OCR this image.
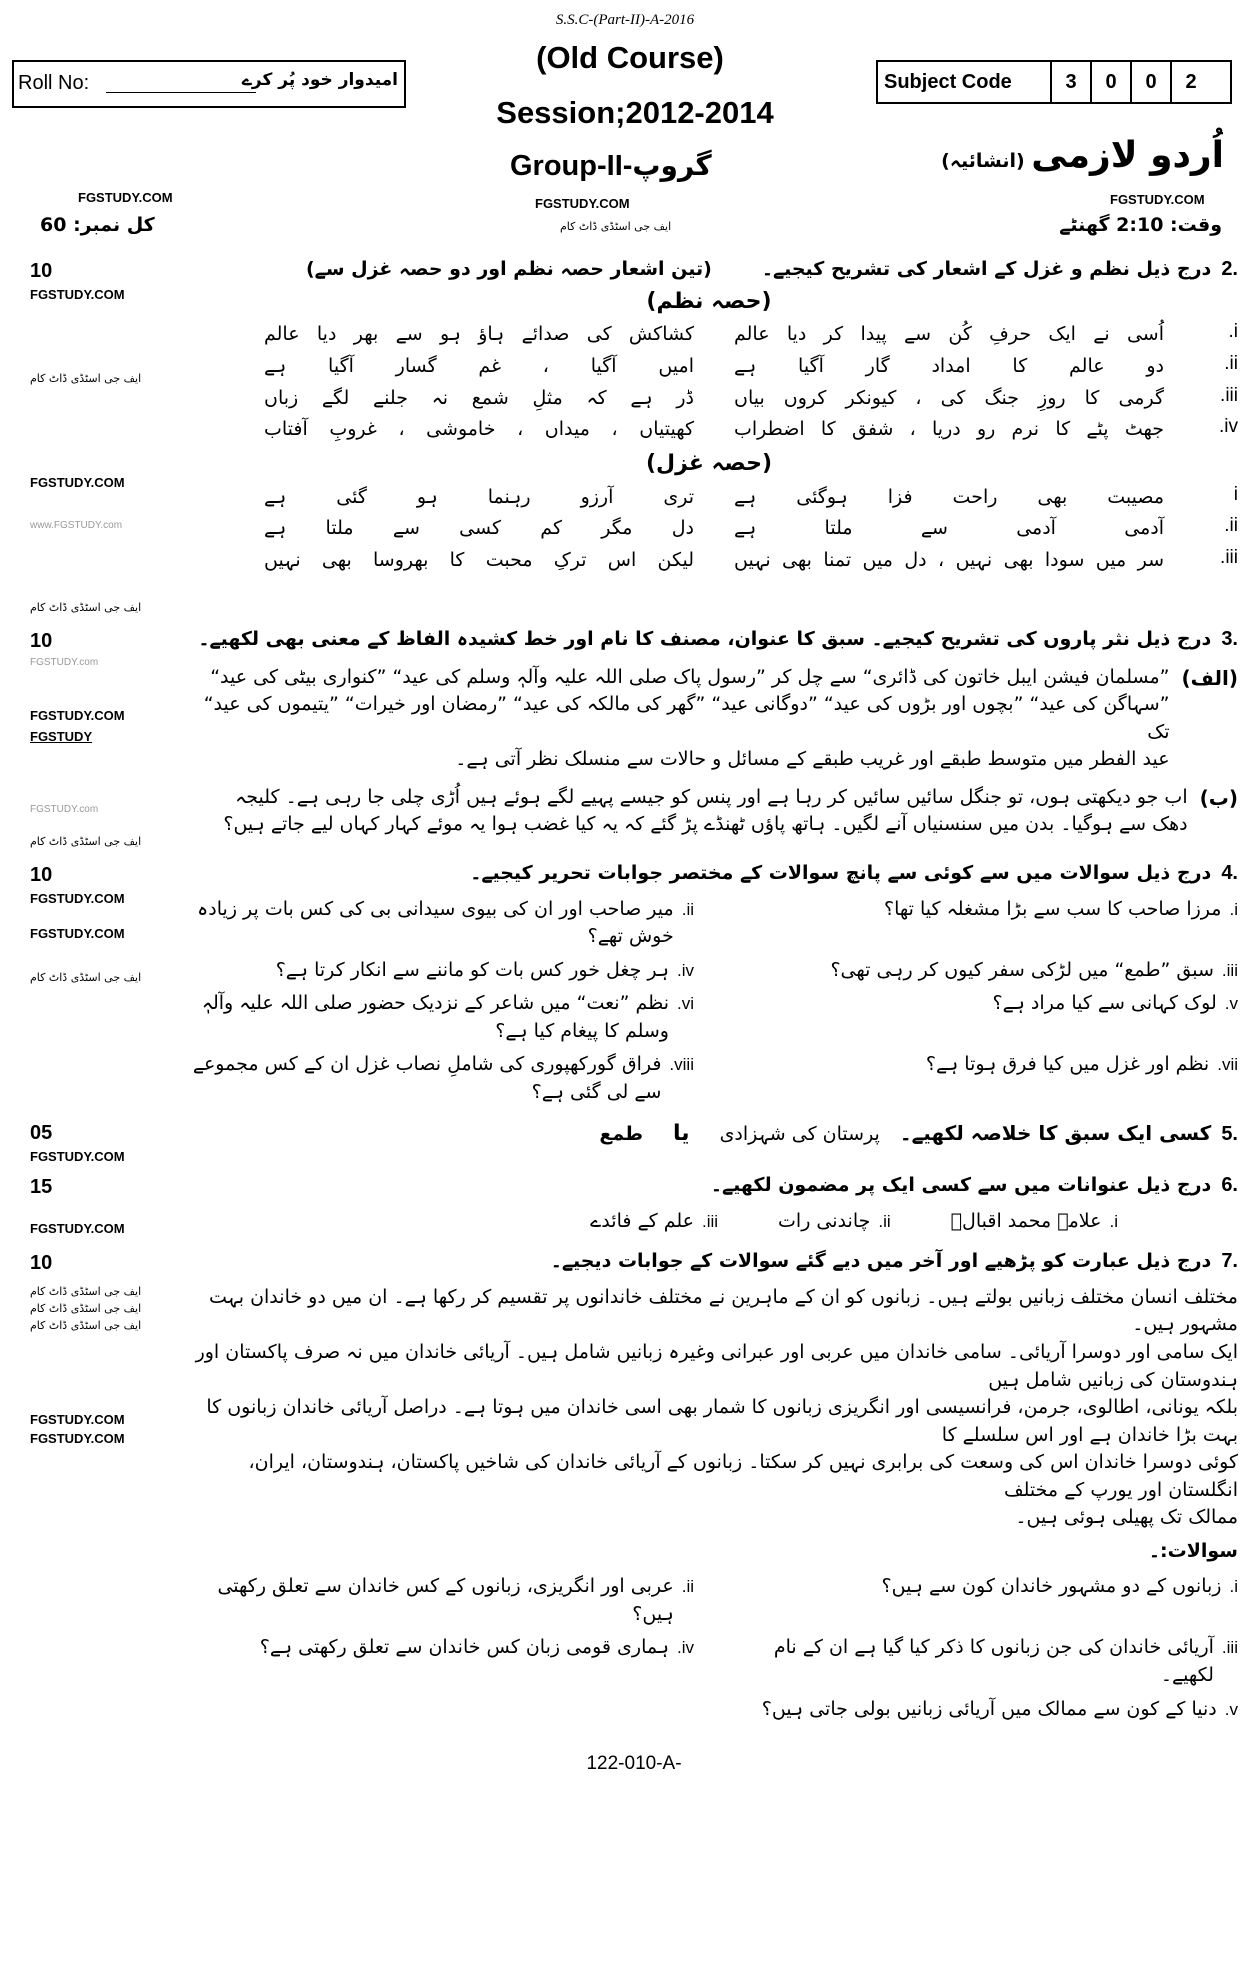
S.S.C-(Part-II)-A-2016
(Old Course)
Roll No:	امیدوار خود پُر کرے	Subject Code	3	0	0	2
Session;2012-2014
Group-II-گروپ	اُردو لازمی (انشائیہ)
FGSTUDY.COM	FGSTUDY.COM	FGSTUDY.COM
کل نمبر: 60	ایف جی اسٹڈی ڈاٹ کام	وقت: 2:10 گھنٹے
10
FGSTUDY.COM
ایف جی اسٹڈی ڈاٹ کام
FGSTUDY.COM
www.FGSTUDY.com
ایف جی اسٹڈی ڈاٹ کام
2.
درج ذیل نظم و غزل کے اشعار کی تشریح کیجیے۔
(تین اشعار حصہ نظم اور دو حصہ غزل سے)
(حصہ نظم)
i.
اُسی نے ایک حرفِ کُن سے پیدا کر دیا عالم
کشاکش کی صدائے ہاؤ ہو سے بھر دیا عالم
ii.
دو عالم کا امداد گار آگیا ہے
امیں آگیا ، غم گسار آگیا ہے
iii.
گرمی کا روزِ جنگ کی ، کیونکر کروں بیاں
ڈر ہے کہ مثلِ شمع نہ جلنے لگے زباں
iv.
جھٹ پٹے کا نرم رو دریا ، شفق کا اضطراب
کھیتیاں ، میداں ، خاموشی ، غروبِ آفتاب
(حصہ غزل)
i
مصیبت بھی راحت فزا ہوگئی ہے
تری آرزو رہنما ہو گئی ہے
ii.
آدمی آدمی سے ملتا ہے
دل مگر کم کسی سے ملتا ہے
iii.
سر میں سودا بھی نہیں ، دل میں تمنا بھی نہیں
لیکن اس ترکِ محبت کا بھروسا بھی نہیں
10
FGSTUDY.com
FGSTUDY.COM
FGSTUDY
FGSTUDY.com
ایف جی اسٹڈی ڈاٹ کام
3.
درج ذیل نثر پاروں کی تشریح کیجیے۔ سبق کا عنوان، مصنف کا نام اور خط کشیدہ الفاظ کے معنی بھی لکھیے۔
(الف)
”مسلمان فیشن ایبل خاتون کی ڈائری“ سے چل کر ”رسول پاک صلی اللہ علیہ وآلہٖ وسلم کی عید“ ”کنواری بیٹی کی عید“
”سہاگن کی عید“ ”بچوں اور بڑوں کی عید“ ”دوگانی عید“ ”گھر کی مالکہ کی عید“ ”رمضان اور خیرات“ ”یتیموں کی عید“ تک
عید الفطر میں متوسط طبقے اور غریب طبقے کے مسائل و حالات سے منسلک نظر آتی ہے۔
(ب)
اب جو دیکھتی ہوں، تو جنگل سائیں سائیں کر رہا ہے اور پنس کو جیسے پہیے لگے ہوئے ہیں اُڑی چلی جا رہی ہے۔ کلیجہ
دھک سے ہوگیا۔ بدن میں سنسنیاں آنے لگیں۔ ہاتھ پاؤں ٹھنڈے پڑ گئے کہ یہ کیا غضب ہوا یہ موئے کہار کہاں لیے جاتے ہیں؟
10
FGSTUDY.COM
FGSTUDY.COM
ایف جی اسٹڈی ڈاٹ کام
4.
درج ذیل سوالات میں سے کوئی سے پانچ سوالات کے مختصر جوابات تحریر کیجیے۔
i.
مرزا صاحب کا سب سے بڑا مشغلہ کیا تھا؟
ii.
میر صاحب اور ان کی بیوی سیدانی بی کی کس بات پر زیادہ خوش تھے؟
iii.
سبق ”طمع“ میں لڑکی سفر کیوں کر رہی تھی؟
iv.
ہر چغل خور کس بات کو ماننے سے انکار کرتا ہے؟
v.
لوک کہانی سے کیا مراد ہے؟
vi.
نظم ”نعت“ میں شاعر کے نزدیک حضور صلی اللہ علیہ وآلہٖ وسلم کا پیغام کیا ہے؟
vii.
نظم اور غزل میں کیا فرق ہوتا ہے؟
viii.
فراق گورکھپوری کی شاملِ نصاب غزل ان کے کس مجموعے سے لی گئی ہے؟
05
FGSTUDY.COM
5.
کسی ایک سبق کا خلاصہ لکھیے۔
پرستان کی شہزادی
یا
طمع
15
FGSTUDY.COM
6.
درج ذیل عنوانات میں سے کسی ایک پر مضمون لکھیے۔
i.
علامہ محمد اقبالؒ
ii.
چاندنی رات
iii.
علم کے فائدے
10
ایف جی اسٹڈی ڈاٹ کام
ایف جی اسٹڈی ڈاٹ کام
ایف جی اسٹڈی ڈاٹ کام
FGSTUDY.COM
FGSTUDY.COM
7.
درج ذیل عبارت کو پڑھیے اور آخر میں دیے گئے سوالات کے جوابات دیجیے۔
مختلف انسان مختلف زبانیں بولتے ہیں۔ زبانوں کو ان کے ماہرین نے مختلف خاندانوں پر تقسیم کر رکھا ہے۔ ان میں دو خاندان بہت مشہور ہیں۔
ایک سامی اور دوسرا آریائی۔ سامی خاندان میں عربی اور عبرانی وغیرہ زبانیں شامل ہیں۔ آریائی خاندان میں نہ صرف پاکستان اور ہندوستان کی زبانیں شامل ہیں
بلکہ یونانی، اطالوی، جرمن، فرانسیسی اور انگریزی زبانوں کا شمار بھی اسی خاندان میں ہوتا ہے۔ دراصل آریائی خاندان زبانوں کا بہت بڑا خاندان ہے اور اس سلسلے کا
کوئی دوسرا خاندان اس کی وسعت کی برابری نہیں کر سکتا۔ زبانوں کے آریائی خاندان کی شاخیں پاکستان، ہندوستان، ایران، انگلستان اور یورپ کے مختلف
ممالک تک پھیلی ہوئی ہیں۔
سوالات:۔
i.
زبانوں کے دو مشہور خاندان کون سے ہیں؟
ii.
عربی اور انگریزی، زبانوں کے کس خاندان سے تعلق رکھتی ہیں؟
iii.
آریائی خاندان کی جن زبانوں کا ذکر کیا گیا ہے ان کے نام لکھیے۔
iv.
ہماری قومی زبان کس خاندان سے تعلق رکھتی ہے؟
v.
دنیا کے کون سے ممالک میں آریائی زبانیں بولی جاتی ہیں؟
122-010-A-
